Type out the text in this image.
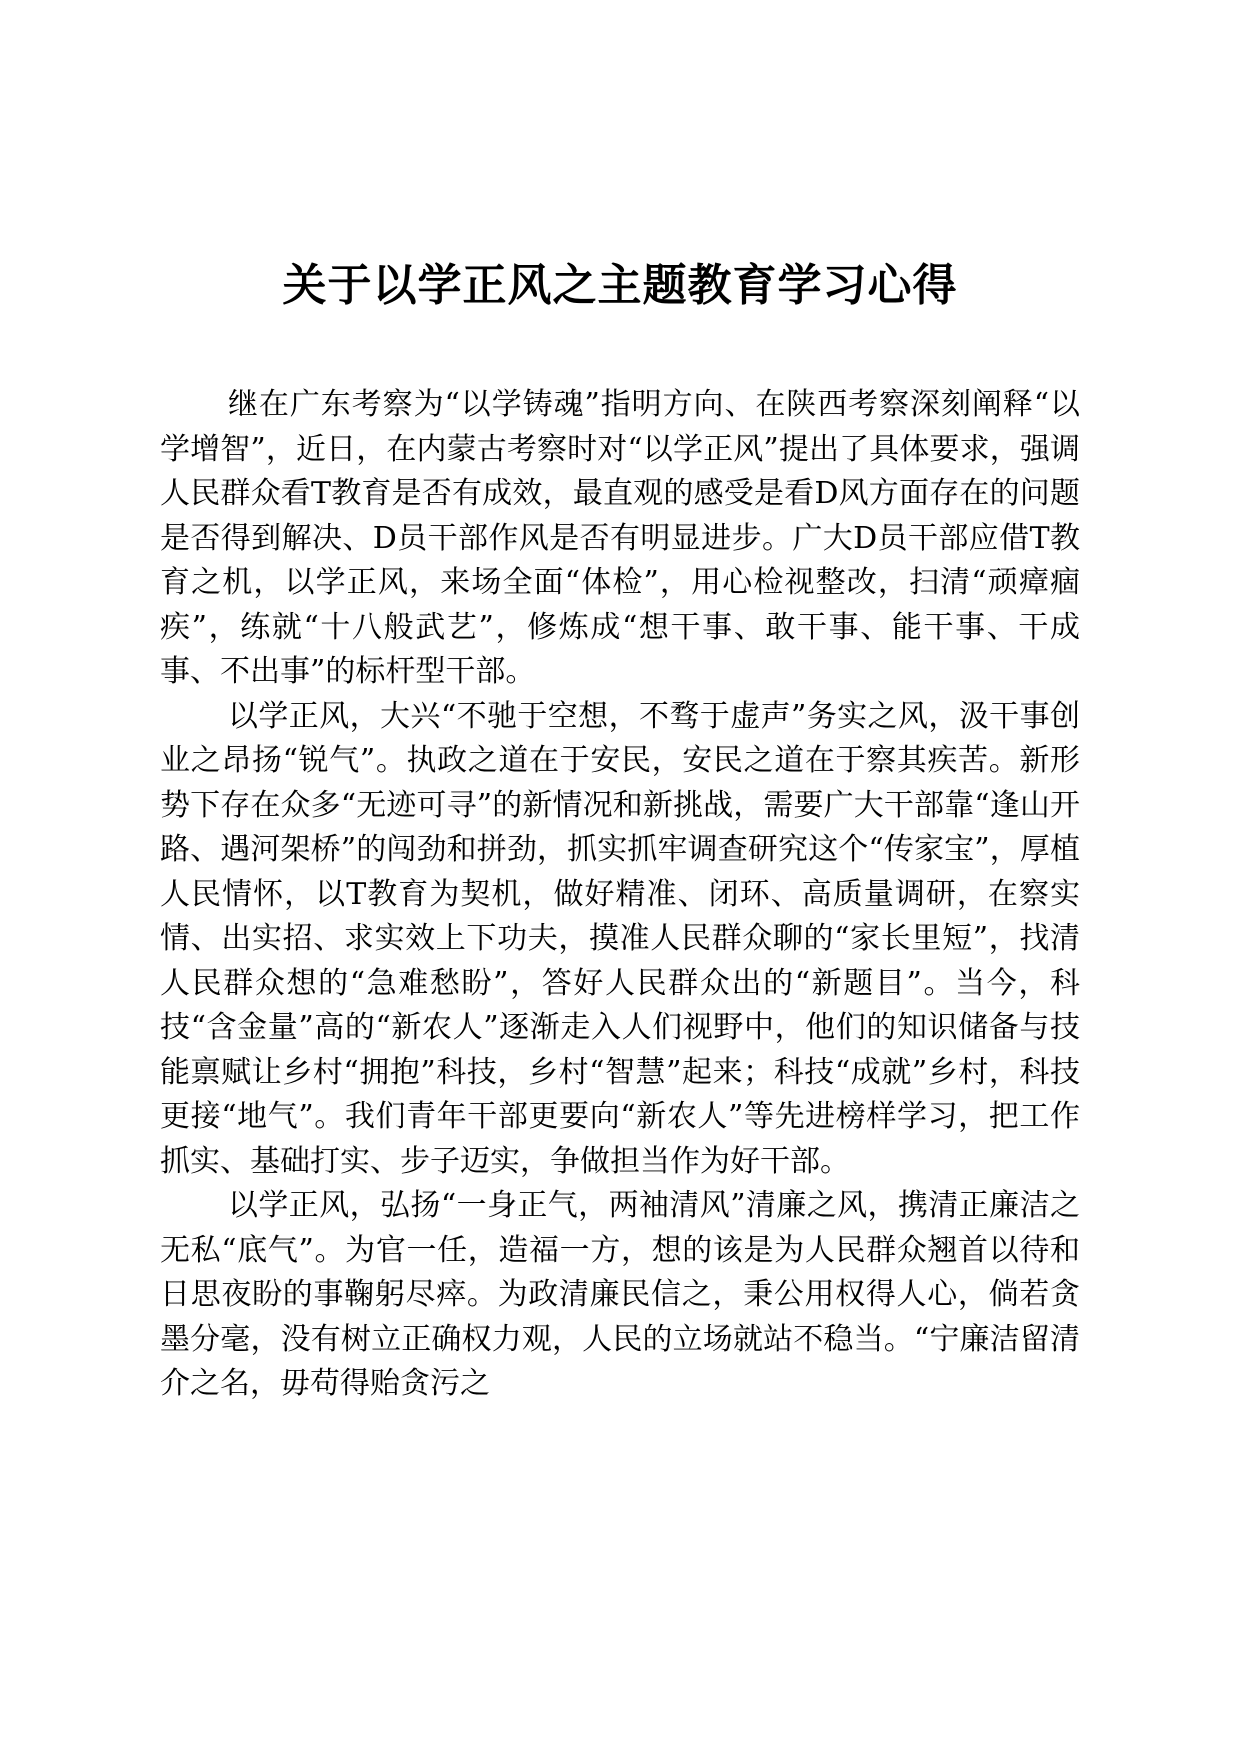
关于以学正风之主题教育学习心得

继在广东考察为“以学铸魂”指明方向、在陕西考察深刻阐释“以学增智”，近日，在内蒙古考察时对“以学正风”提出了具体要求，强调人民群众看T教育是否有成效，最直观的感受是看D风方面存在的问题是否得到解决、D员干部作风是否有明显进步。广大D员干部应借T教育之机，以学正风，来场全面“体检”，用心检视整改，扫清“顽瘴痼疾”，练就“十八般武艺”，修炼成“想干事、敢干事、能干事、干成事、不出事”的标杆型干部。

以学正风，大兴“不驰于空想，不骛于虚声”务实之风，汲干事创业之昂扬“锐气”。执政之道在于安民，安民之道在于察其疾苦。新形势下存在众多“无迹可寻”的新情况和新挑战，需要广大干部靠“逢山开路、遇河架桥”的闯劲和拼劲，抓实抓牢调查研究这个“传家宝”，厚植人民情怀，以T教育为契机，做好精准、闭环、高质量调研，在察实情、出实招、求实效上下功夫，摸准人民群众聊的“家长里短”，找清人民群众想的“急难愁盼”，答好人民群众出的“新题目”。当今，科技“含金量”高的“新农人”逐渐走入人们视野中，他们的知识储备与技能禀赋让乡村“拥抱”科技，乡村“智慧”起来；科技“成就”乡村，科技更接“地气”。我们青年干部更要向“新农人”等先进榜样学习，把工作抓实、基础打实、步子迈实，争做担当作为好干部。

以学正风，弘扬“一身正气，两袖清风”清廉之风，携清正廉洁之无私“底气”。为官一任，造福一方，想的该是为人民群众翘首以待和日思夜盼的事鞠躬尽瘁。为政清廉民信之，秉公用权得人心，倘若贪墨分毫，没有树立正确权力观，人民的立场就站不稳当。“宁廉洁留清介之名，毋苟得贻贪污之
